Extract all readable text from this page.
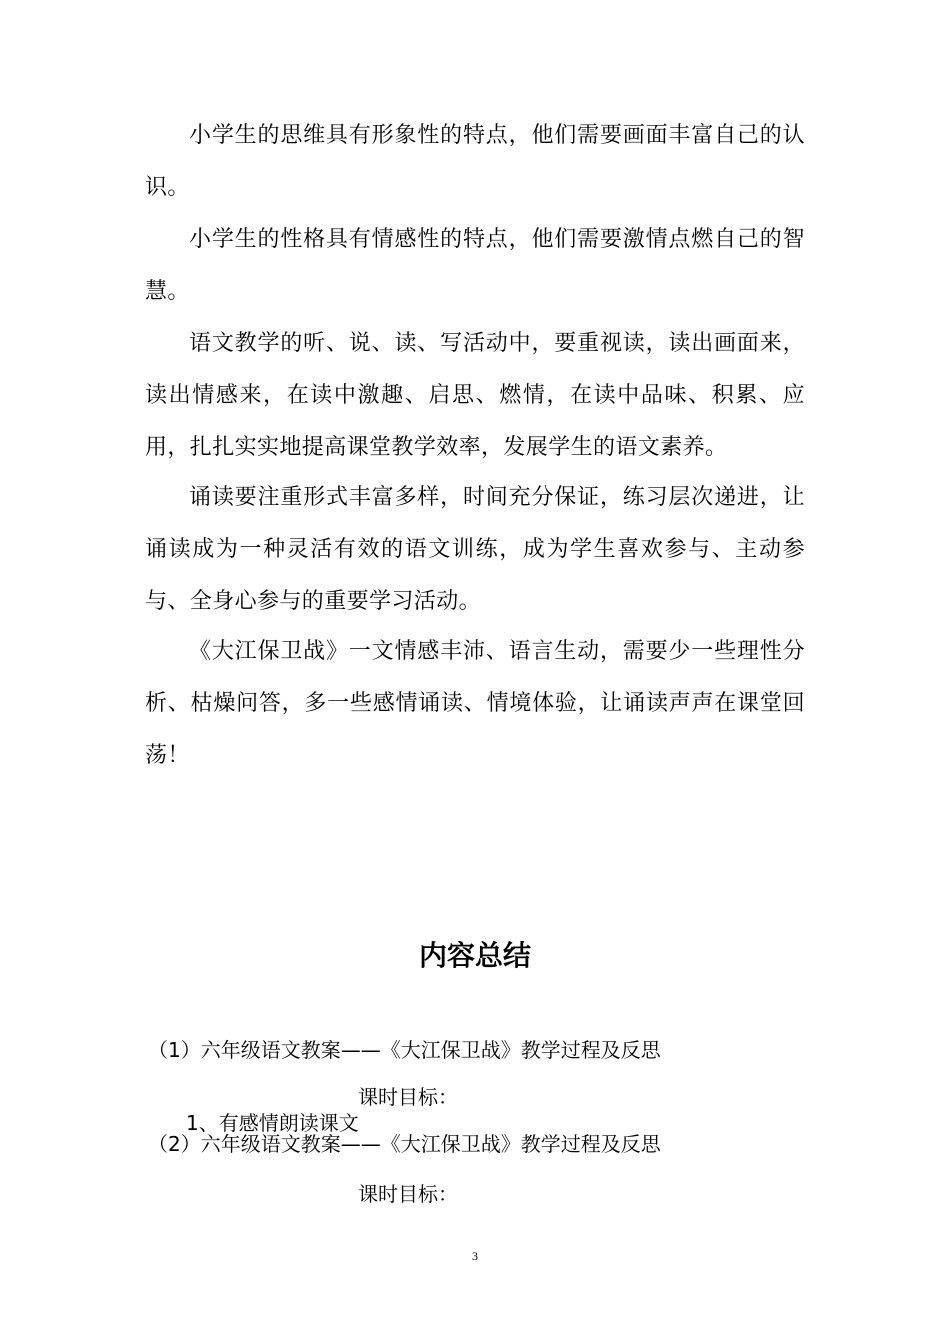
小学生的思维具有形象性的特点，他们需要画面丰富自己的认识。

小学生的性格具有情感性的特点，他们需要激情点燃自己的智慧。

语文教学的听、说、读、写活动中，要重视读，读出画面来，读出情感来，在读中激趣、启思、燃情，在读中品味、积累、应用，扎扎实实地提高课堂教学效率，发展学生的语文素养。

诵读要注重形式丰富多样，时间充分保证，练习层次递进，让诵读成为一种灵活有效的语文训练，成为学生喜欢参与、主动参与、全身心参与的重要学习活动。

《大江保卫战》一文情感丰沛、语言生动，需要少一些理性分析、枯燥问答，多一些感情诵读、情境体验，让诵读声声在课堂回荡！

内容总结

（1）六年级语文教案——《大江保卫战》教学过程及反思

课时目标：

1、有感情朗读课文

（2）六年级语文教案——《大江保卫战》教学过程及反思

课时目标：

3
